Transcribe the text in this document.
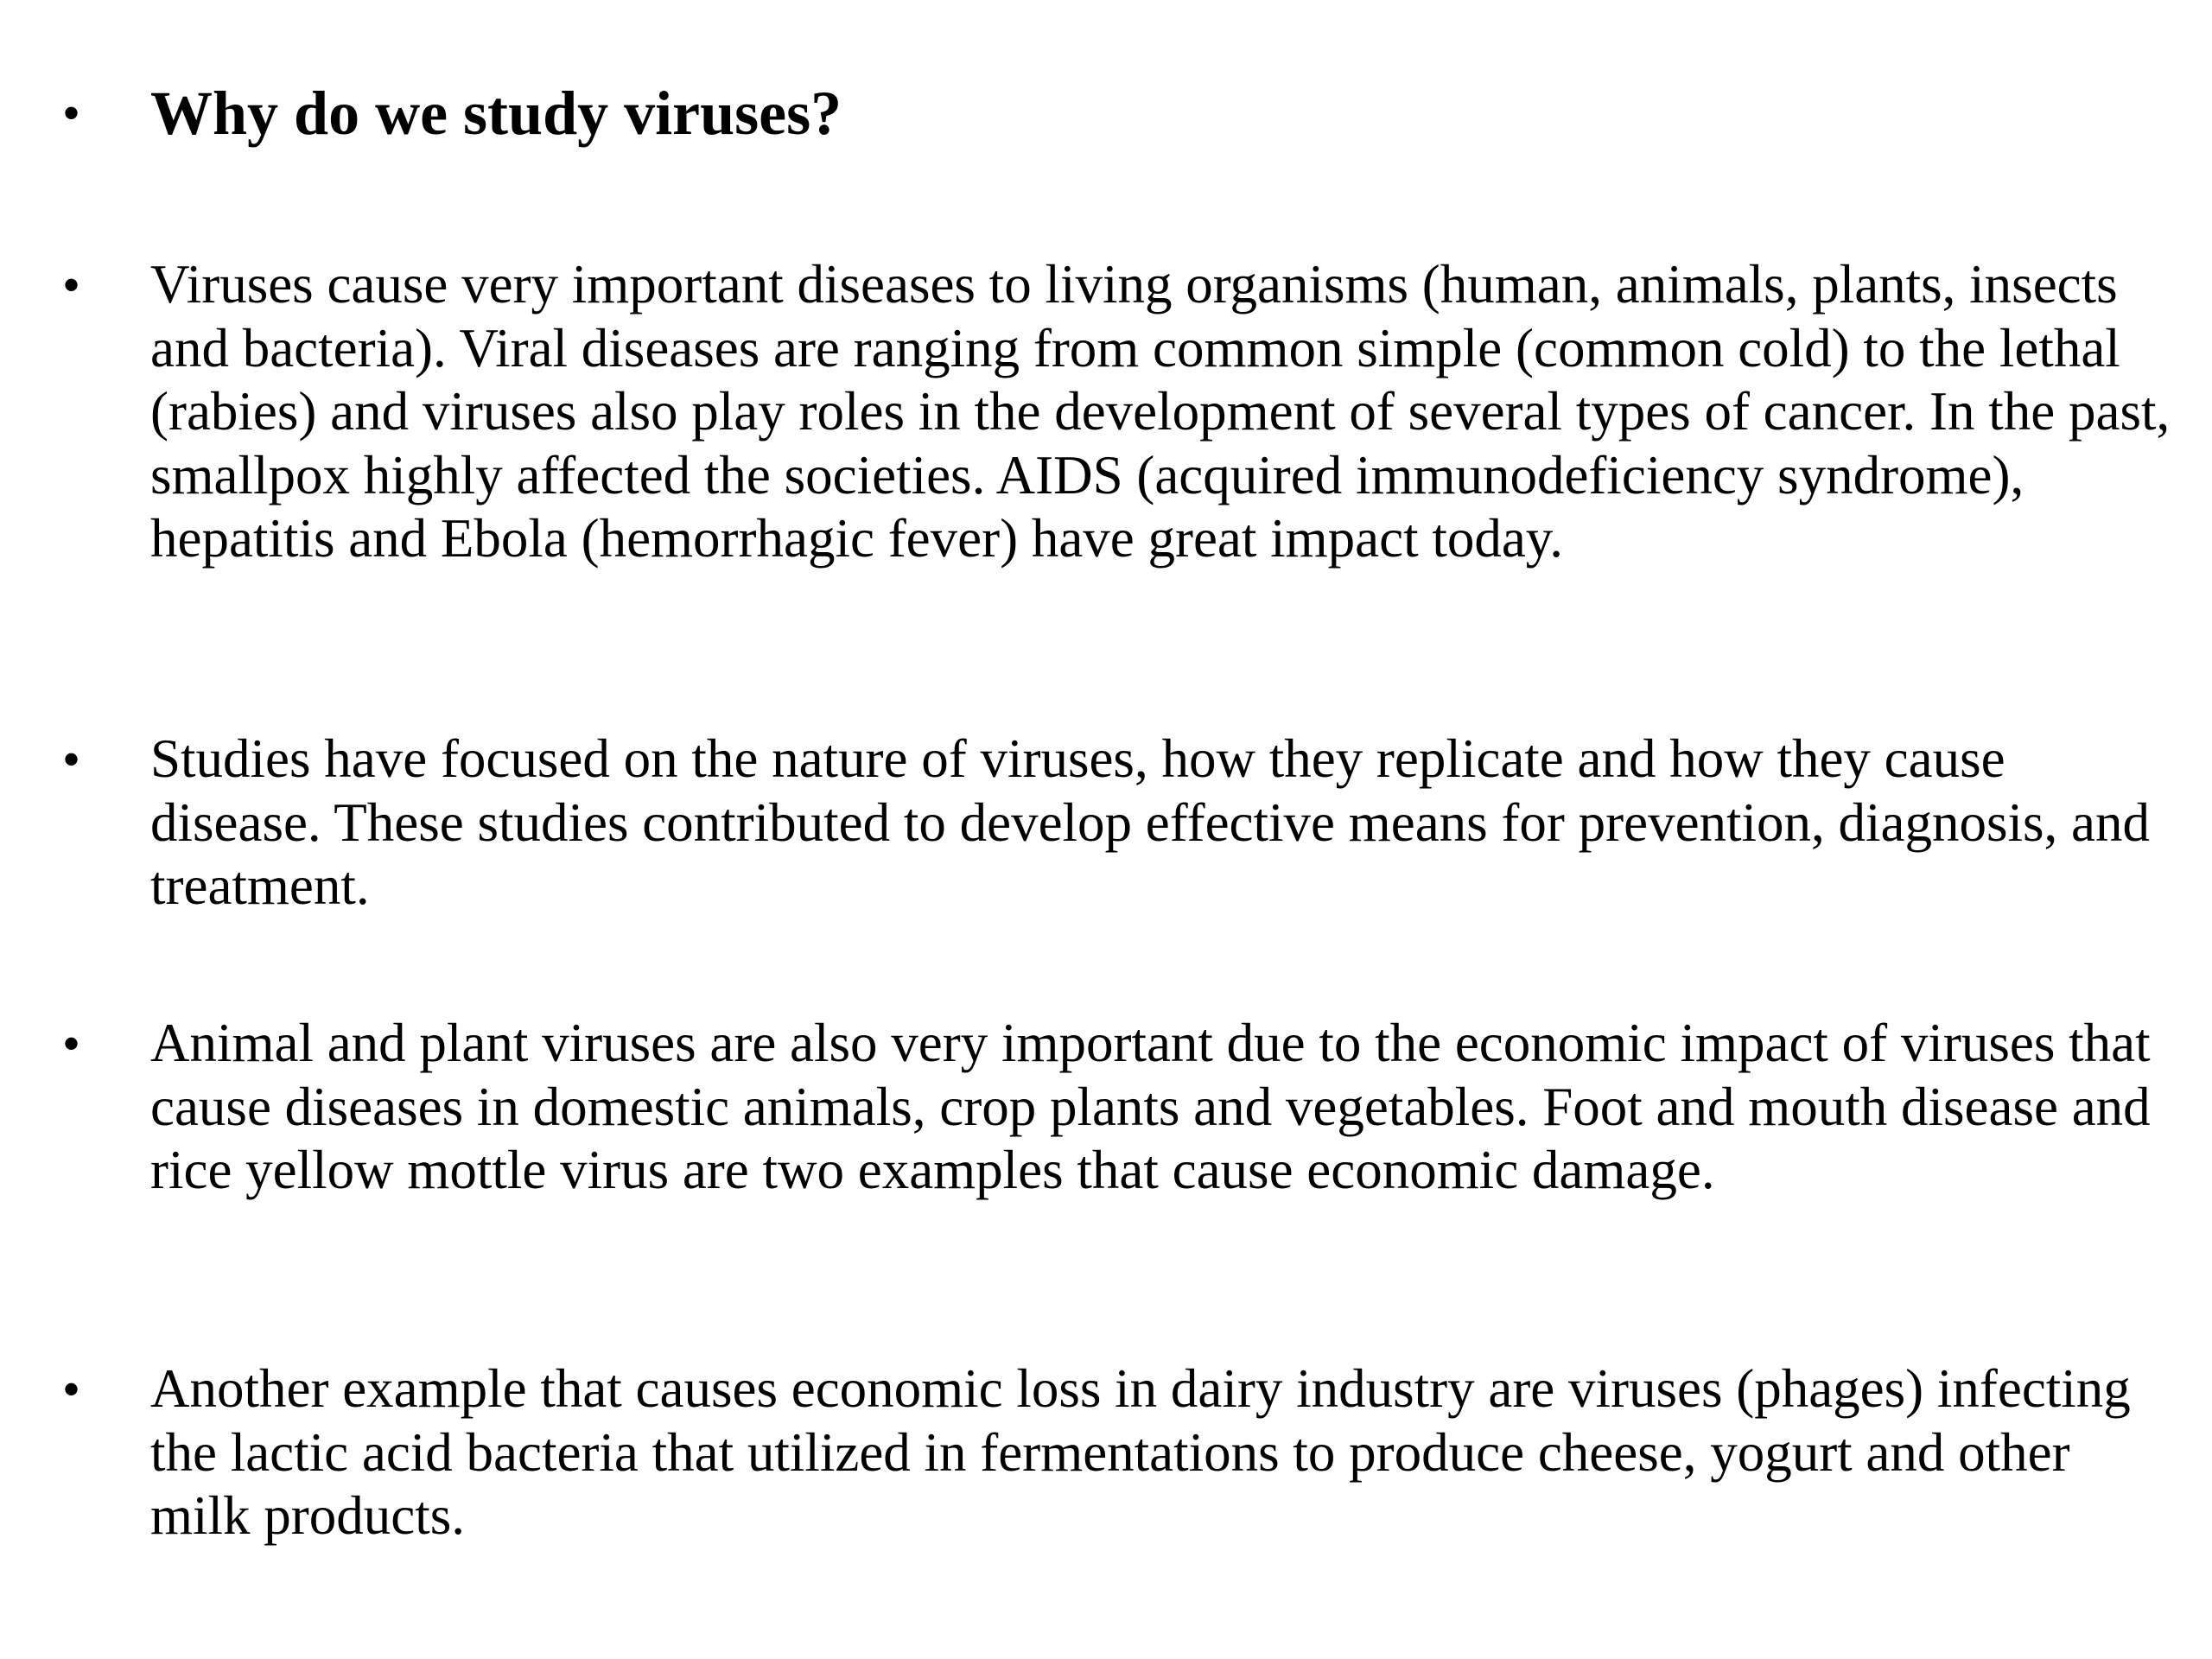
• Why do we study viruses?
•	Viruses cause very important diseases to living organisms (human, animals, plants, insects and bacteria). Viral diseases are ranging from common simple (common cold) to the lethal (rabies) and viruses also play roles in the development of several types of cancer. In the past, smallpox highly affected the societies. AIDS (acquired immunodeficiency syndrome), hepatitis and Ebola (hemorrhagic fever) have great impact today.
•	Studies have focused on the nature of viruses, how they replicate and how they cause disease. These studies contributed to develop effective means for prevention, diagnosis, and treatment.
•	Animal and plant viruses are also very important due to the economic impact of viruses that cause diseases in domestic animals, crop plants and vegetables. Foot and mouth disease and rice yellow mottle virus are two examples that cause economic damage.
•	Another example that causes economic loss in dairy industry are viruses (phages) infecting the lactic acid bacteria that utilized in fermentations to produce cheese, yogurt and other milk products.
